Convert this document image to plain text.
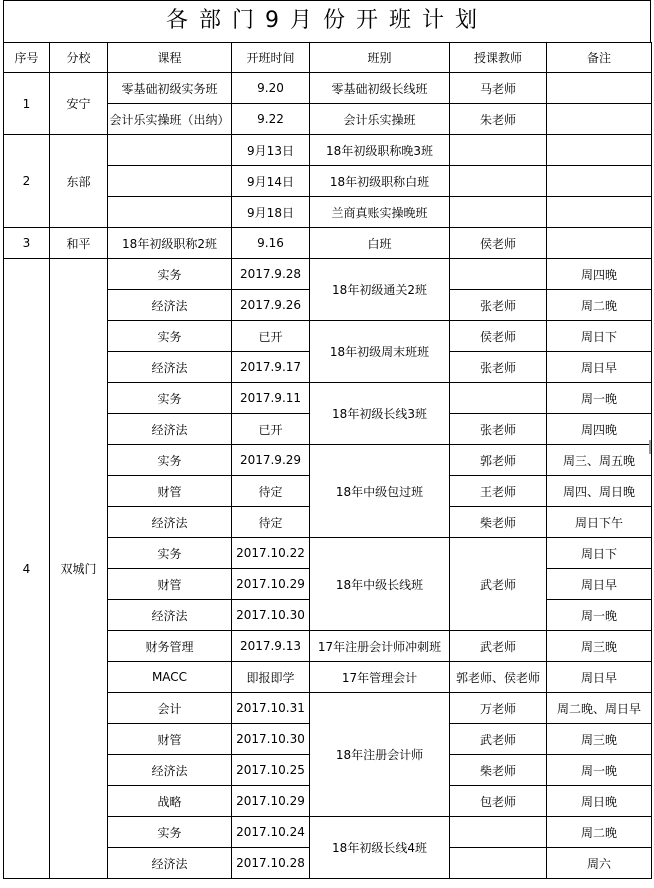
各部门9月份开班计划
序号	分校	课程	开班时间	班别	授课教师	备注
1	安宁	零基础初级实务班	9.20	零基础初级长线班	马老师	
		会计乐实操班（出纳）	9.22	会计乐实操班	朱老师	
2	东部		9月13日	18年初级职称晚3班		
			9月14日	18年初级职称白班		
			9月18日	兰商真账实操晚班		
3	和平	18年初级职称2班	9.16	白班	侯老师	
4	双城门	实务	2017.9.28	18年初级通关2班		周四晚
		经济法	2017.9.26		张老师	周二晚
		实务	已开	18年初级周末班班	侯老师	周日下
		经济法	2017.9.17		张老师	周日早
		实务	2017.9.11	18年初级长线3班		周一晚
		经济法	已开		张老师	周四晚
		实务	2017.9.29	18年中级包过班	郭老师	周三、周五晚
		财管	待定		王老师	周四、周日晚
		经济法	待定		柴老师	周日下午
		实务	2017.10.22	18年中级长线班	武老师	周日下
		财管	2017.10.29			周日早
		经济法	2017.10.30			周一晚
		财务管理	2017.9.13	17年注册会计师冲刺班	武老师	周三晚
		MACC	即报即学	17年管理会计	郭老师、侯老师	周日早
		会计	2017.10.31	18年注册会计师	万老师	周二晚、周日早
		财管	2017.10.30		武老师	周三晚
		经济法	2017.10.25		柴老师	周一晚
		战略	2017.10.29		包老师	周日晚
		实务	2017.10.24	18年初级长线4班		周二晚
		经济法	2017.10.28			周六
